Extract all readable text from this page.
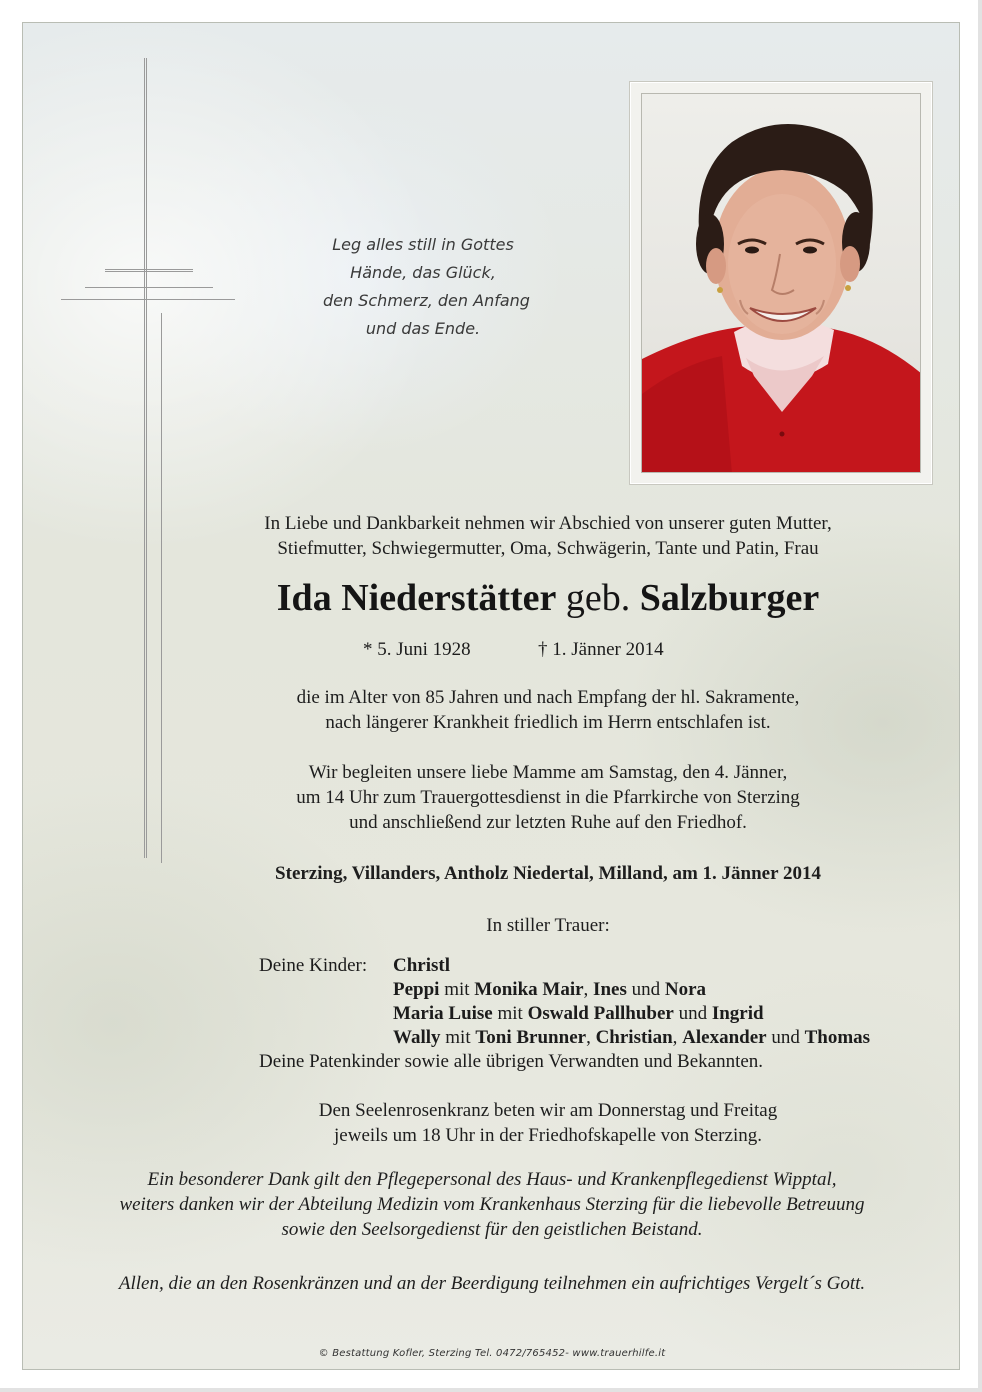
Leg alles still in Gottes
Hände, das Glück,
den Schmerz, den Anfang
und das Ende.
In Liebe und Dankbarkeit nehmen wir Abschied von unserer guten Mutter,
Stiefmutter, Schwiegermutter, Oma, Schwägerin, Tante und Patin, Frau
Ida Niederstätter geb. Salzburger
* 5. Juni 1928	† 1. Jänner 2014
die im Alter von 85 Jahren und nach Empfang der hl. Sakramente,
nach längerer Krankheit friedlich im Herrn entschlafen ist.
Wir begleiten unsere liebe Mamme am Samstag, den 4. Jänner,
um 14 Uhr zum Trauergottesdienst in die Pfarrkirche von Sterzing
und anschließend zur letzten Ruhe auf den Friedhof.
Sterzing, Villanders, Antholz Niedertal, Milland, am 1. Jänner 2014
In stiller Trauer:
Deine Kinder: Christl
Peppi mit Monika Mair, Ines und Nora
Maria Luise mit Oswald Pallhuber und Ingrid
Wally mit Toni Brunner, Christian, Alexander und Thomas
Deine Patenkinder sowie alle übrigen Verwandten und Bekannten.
Den Seelenrosenkranz beten wir am Donnerstag und Freitag
jeweils um 18 Uhr in der Friedhofskapelle von Sterzing.
Ein besonderer Dank gilt den Pflegepersonal des Haus- und Krankenpflegedienst Wipptal,
weiters danken wir der Abteilung Medizin vom Krankenhaus Sterzing für die liebevolle Betreuung
sowie den Seelsorgedienst für den geistlichen Beistand.
Allen, die an den Rosenkränzen und an der Beerdigung teilnehmen ein aufrichtiges Vergelt´s Gott.
© Bestattung Kofler, Sterzing Tel. 0472/765452- www.trauerhilfe.it
